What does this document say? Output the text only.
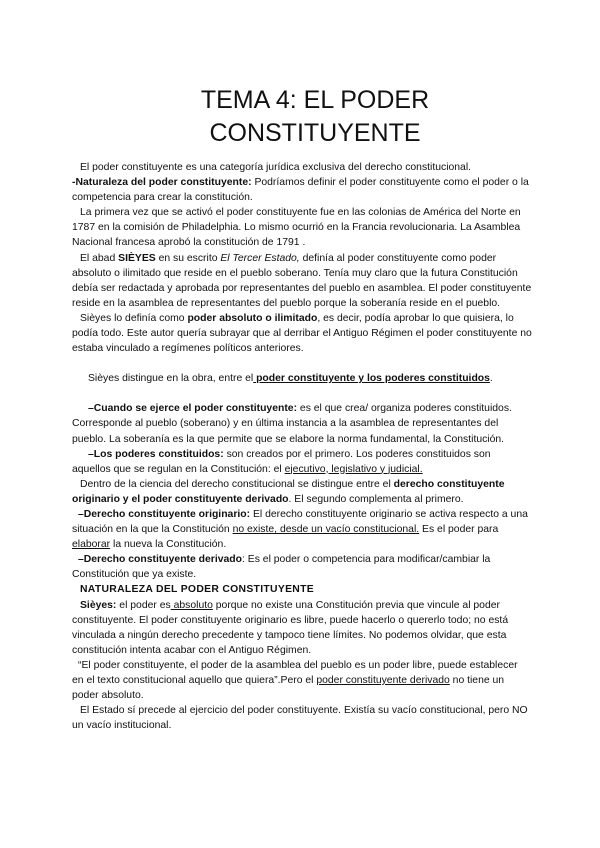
TEMA 4: EL PODER
CONSTITUYENTE

El poder constituyente es una categoría jurídica exclusiva del derecho constitucional.

-Naturaleza del poder constituyente: Podríamos definir el poder constituyente como el poder o la competencia para crear la constitución.

La primera vez que se activó el poder constituyente fue en las colonias de América del Norte en 1787 en la comisión de Philadelphia. Lo mismo ocurrió en la Francia revolucionaria. La Asamblea Nacional francesa aprobó la constitución de 1791 .

El abad SIÈYES en su escrito El Tercer Estado, definía al poder constituyente como poder absoluto o ilimitado que reside en el pueblo soberano. Tenía muy claro que la futura Constitución debía ser redactada y aprobada por representantes del pueblo en asamblea. El poder constituyente reside en la asamblea de representantes del pueblo porque la soberanía reside en el pueblo.

Sièyes lo definía como poder absoluto o ilimitado, es decir, podía aprobar lo que quisiera, lo podía todo. Este autor quería subrayar que al derribar el Antiguo Régimen el poder constituyente no estaba vinculado a regímenes políticos anteriores.

Sièyes distingue en la obra, entre el poder constituyente y los poderes constituidos.

–Cuando se ejerce el poder constituyente: es el que crea/ organiza poderes constituidos. Corresponde al pueblo (soberano) y en última instancia a la asamblea de representantes del pueblo. La soberanía es la que permite que se elabore la norma fundamental, la Constitución.

–Los poderes constituidos: son creados por el primero. Los poderes constituidos son aquellos que se regulan en la Constitución: el ejecutivo, legislativo y judicial.

Dentro de la ciencia del derecho constitucional se distingue entre el derecho constituyente originario y el poder constituyente derivado. El segundo complementa al primero.

–Derecho constituyente originario: El derecho constituyente originario se activa respecto a una situación en la que la Constitución no existe, desde un vacío constitucional. Es el poder para elaborar la nueva la Constitución.

–Derecho constituyente derivado: Es el poder o competencia para modificar/cambiar la Constitución que ya existe.

NATURALEZA DEL PODER CONSTITUYENTE

Sièyes: el poder es absoluto porque no existe una Constitución previa que vincule al poder constituyente. El poder constituyente originario es libre, puede hacerlo o quererlo todo; no está vinculada a ningún derecho precedente y tampoco tiene límites. No podemos olvidar, que esta constitución intenta acabar con el Antiguo Régimen.

“El poder constituyente, el poder de la asamblea del pueblo es un poder libre, puede establecer en el texto constitucional aquello que quiera”.Pero el poder constituyente derivado no tiene un poder absoluto.

El Estado sí precede al ejercicio del poder constituyente. Existía su vacío constitucional, pero NO un vacío institucional.
